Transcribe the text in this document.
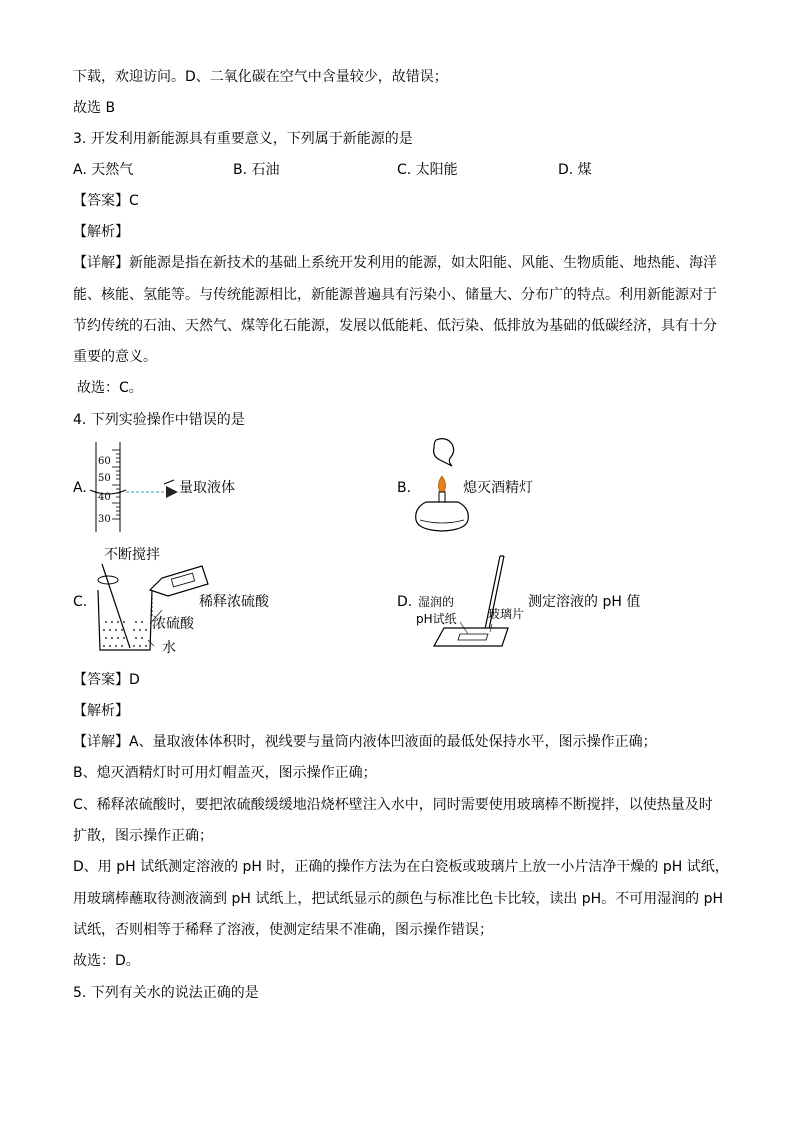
下载，欢迎访问。D、二氧化碳在空气中含量较少，故错误；
故选 B
3. 开发利用新能源具有重要意义，下列属于新能源的是
A. 天然气	B. 石油	C. 太阳能	D. 煤
【答案】C
【解析】
【详解】新能源是指在新技术的基础上系统开发利用的能源，如太阳能、风能、生物质能、地热能、海洋
能、核能、氢能等。与传统能源相比，新能源普遍具有污染小、储量大、分布广的特点。利用新能源对于
节约传统的石油、天然气、煤等化石能源，发展以低能耗、低污染、低排放为基础的低碳经济，具有十分
重要的意义。
故选：C。
4. 下列实验操作中错误的是
A.
60
50
40
30
量取液体	B.	熄灭酒精灯
不断搅拌
C.	稀释浓硫酸
浓硫酸
水
D. 湿润的
pH试纸	玻璃片
测定溶液的 pH 值
【答案】D
【解析】
【详解】A、量取液体体积时，视线要与量筒内液体凹液面的最低处保持水平，图示操作正确；
B、熄灭酒精灯时可用灯帽盖灭，图示操作正确；
C、稀释浓硫酸时，要把浓硫酸缓缓地沿烧杯壁注入水中，同时需要使用玻璃棒不断搅拌，以使热量及时
扩散，图示操作正确；
D、用 pH 试纸测定溶液的 pH 时，正确的操作方法为在白瓷板或玻璃片上放一小片洁净干燥的 pH 试纸，
用玻璃棒蘸取待测液滴到 pH 试纸上，把试纸显示的颜色与标准比色卡比较，读出 pH。不可用湿润的 pH
试纸，否则相等于稀释了溶液，使测定结果不准确，图示操作错误；
故选：D。
5. 下列有关水的说法正确的是
